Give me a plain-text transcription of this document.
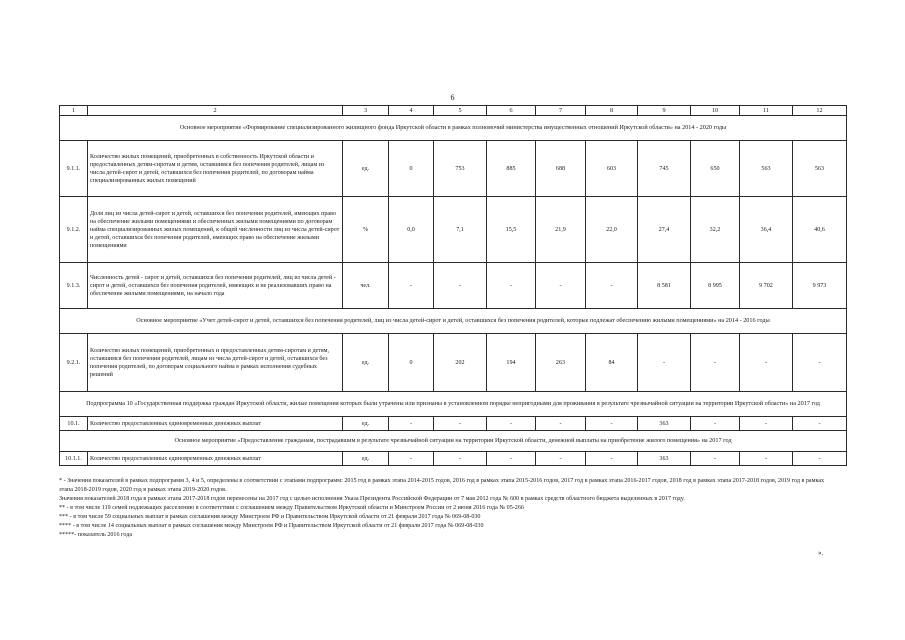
6
1	2	3	4	5	6	7	8	9	10	11	12
Основное мероприятие «Формирование специализированного жилищного фонда Иркутской области в рамках полномочий министерства имущественных отношений Иркутской области» на 2014 - 2020 годы											
9.1.1.	Количество жилых помещений, приобретенных в собственность Иркутской области и предоставленных детям-сиротам и детям, оставшимся без попечения родителей, лицам из числа детей-сирот и детей, оставшихся без попечения родителей, по договорам найма специализированных жилых помещений	ед.	0	753	885	688	603	745	650	563	563
9.1.2.	Доля лиц из числа детей-сирот и детей, оставшихся без попечения родителей, имеющих право на обеспечение жилыми помещениями и обеспеченных жилыми помещениями по договорам найма специализированных жилых помещений, к общей численности лиц из числа детей-сирот и детей, оставшихся без попечения родителей, имеющих право на обеспечение жилыми помещениями	%	0,0	7,1	15,5	21,9	22,0	27,4	32,2	36,4	40,6
9.1.3.	Численность детей - сирот и детей, оставшихся без попечения родителей, лиц из числа детей - сирот и детей, оставшихся без попечения родителей, имеющих и не реализовавших право на обеспечение жилыми помещениями, на начало года	чел.	-	-	-	-	-	8 581	8 995	9 702	9 973
Основное мероприятие «Учет детей-сирот и детей, оставшихся без попечения родителей, лиц из числа детей-сирот и детей, оставшихся без попечения родителей, которые подлежат обеспечению жилыми помещениями» на 2014 - 2016 годы											
9.2.1.	Количество жилых помещений, приобретенных и предоставленных детям-сиротам и детям, оставшимся без попечения родителей, лицам из числа детей-сирот и детей, оставшихся без попечения родителей, по договорам социального найма в рамках исполнения судебных решений	ед.	0	202	194	263	84	-	-	-	-
Подпрограмма 10 «Государственная поддержка граждан Иркутской области, жилые помещения которых были утрачены или признаны в установленном порядке непригодными для проживания в результате чрезвычайной ситуации на территории Иркутской области» на 2017 год											
10.1.	Количество предоставленных единовременных денежных выплат	ед.	-	-	-	-	-	363	-	-	-
Основное мероприятие «Предоставление гражданам, пострадавшим в результате чрезвычайной ситуации на территории Иркутской области, денежной выплаты на приобретение жилого помещения» на 2017 год											
10.1.1.	Количество предоставленных единовременных денежных выплат	ед.	-	-	-	-	-	363	-	-	-

* - Значения показателей в рамках подпрограмм 3, 4 и 5, определены в соответствии с этапами подпрограмм: 2015 год в рамках этапа 2014-2015 годов, 2016 год в рамках этапа 2015-2016 годов, 2017 год в рамках этапа 2016-2017 годов, 2018 год в рамках этапа 2017-2018 годов, 2019 год в рамках этапа 2018-2019 годов, 2020 год в рамках этапа 2019-2020 годов.

Значения показателей 2018 года в рамках этапа 2017-2018 годов перенесены на 2017 год с целью исполнения Указа Президента Российской Федерации от 7 мая 2012 года № 600 в рамках средств областного бюджета выделенных в 2017 году.

** - в том числе 119 семей подлежащих расселению в соответствии с соглашением между Правительством Иркутской области и Минстроем России от 2 июня 2016 года № 05-266

*** - в том числе 59 социальных выплат в рамках соглашения между Минстроем РФ и Правительством Иркутской области от 21 февраля 2017 года № 069-08-030

**** - в том числе 14 социальных выплат в рамках соглашения между Минстроем РФ и Правительством Иркутской области от 21 февраля 2017 года № 069-08-030

*****- показатель 2016 года

».
